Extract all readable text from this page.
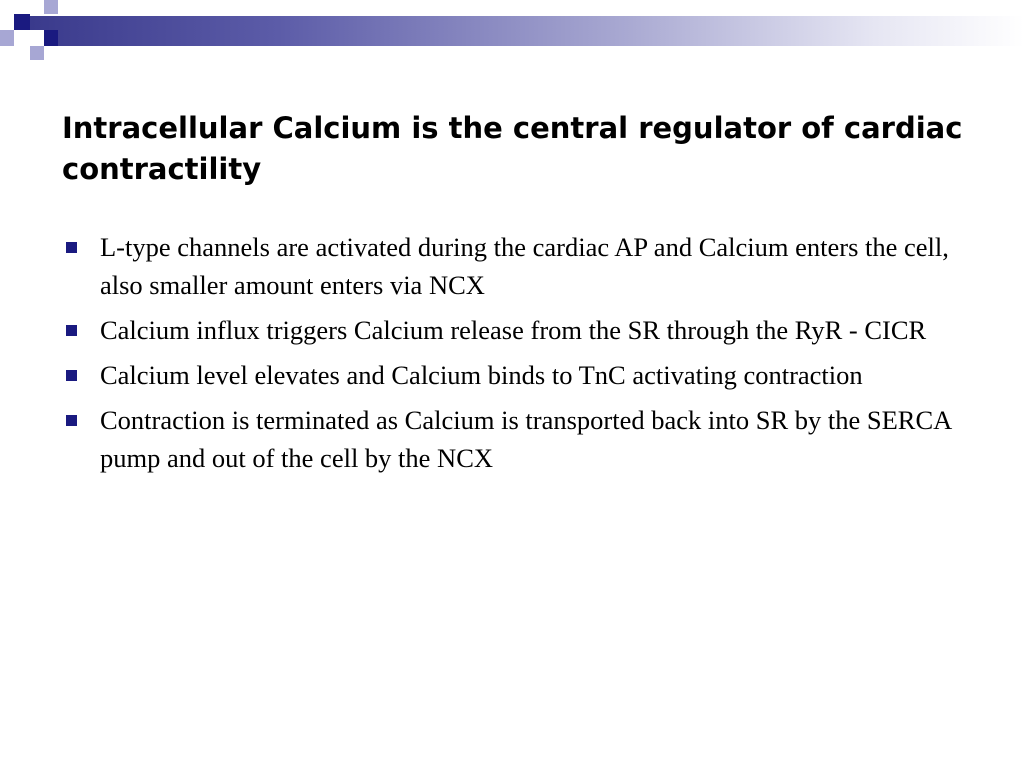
Intracellular Calcium is the central regulator of cardiac contractility
L-type channels are activated during the cardiac AP and Calcium enters the cell, also smaller amount enters via NCX
Calcium influx triggers Calcium release from the SR through the RyR - CICR
Calcium level elevates and Calcium binds to TnC activating contraction
Contraction is terminated as Calcium is transported back into SR by the SERCA pump and out of the cell by the NCX
